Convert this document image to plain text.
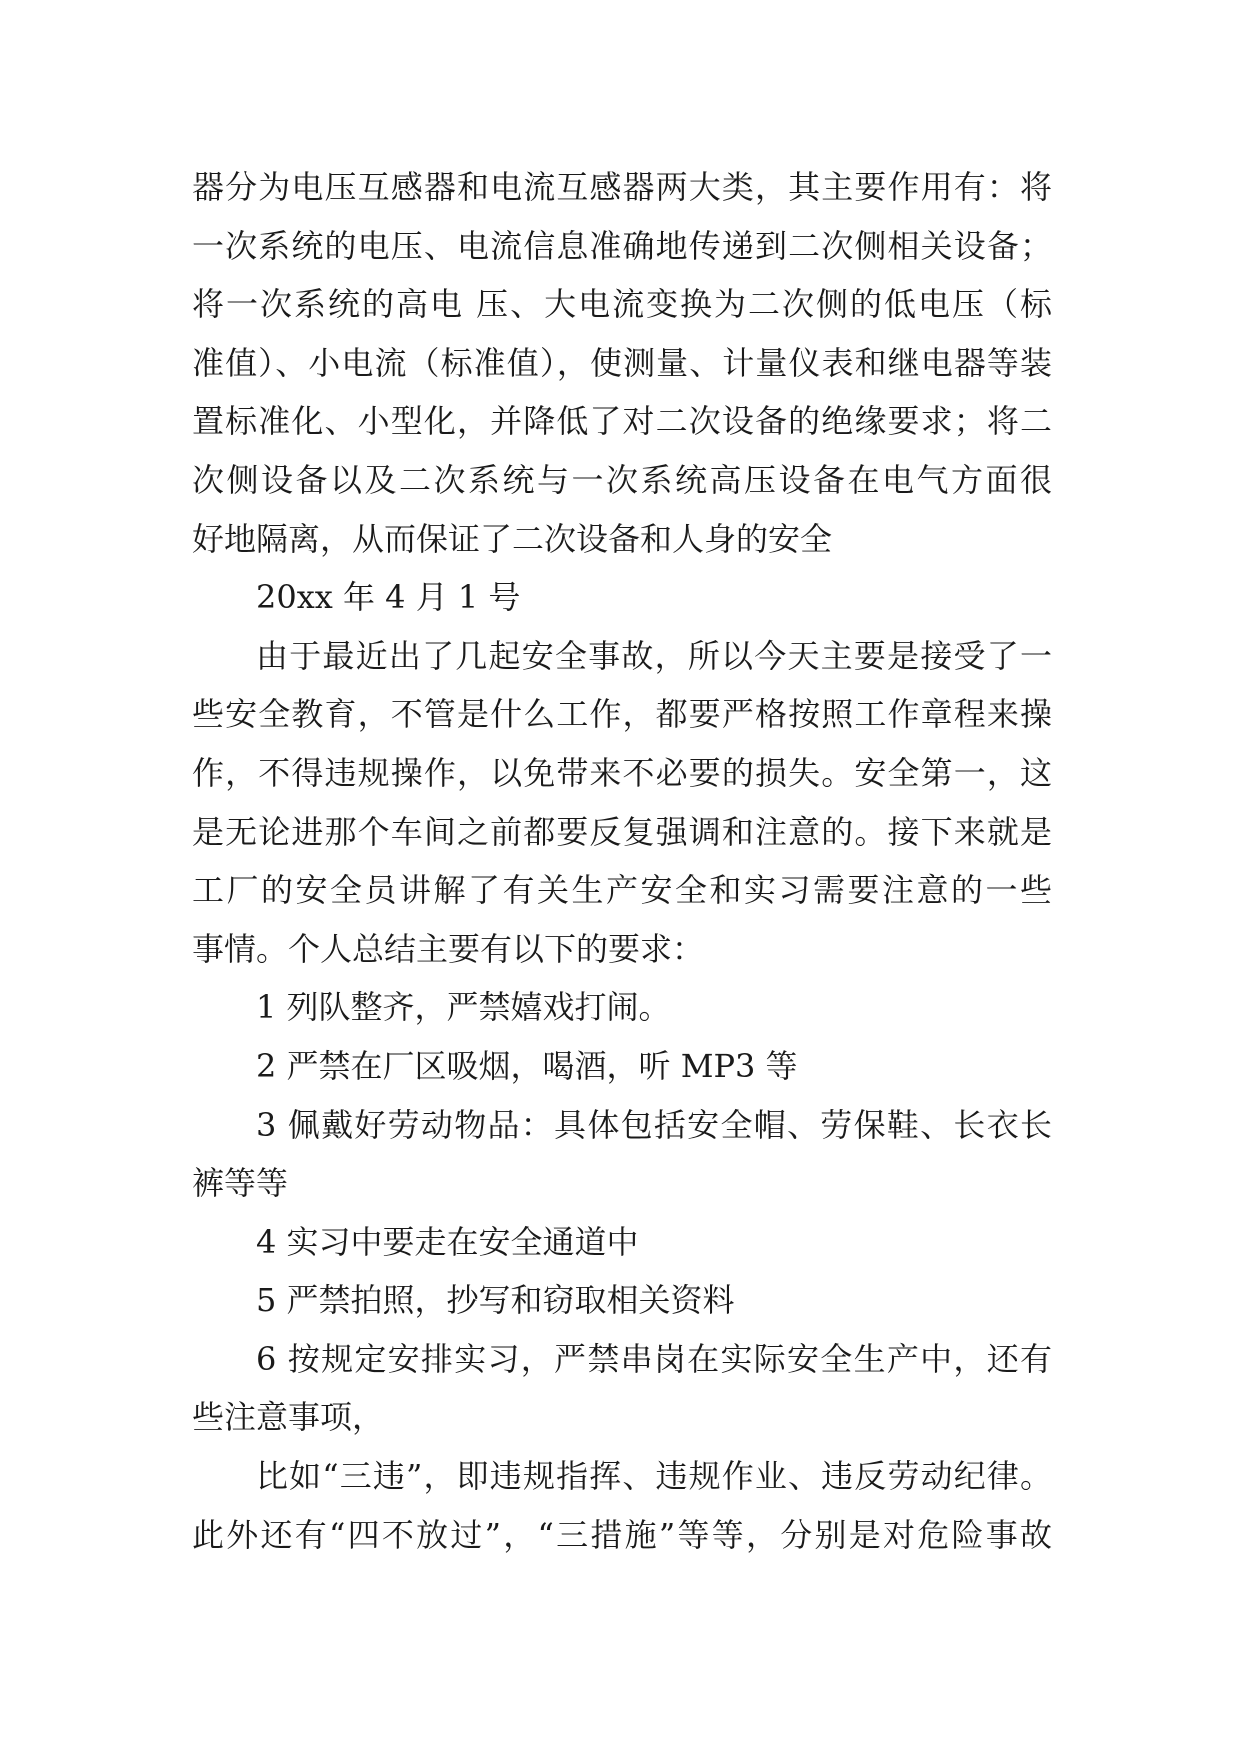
器分为电压互感器和电流互感器两大类，其主要作用有：将
一次系统的电压、电流信息准确地传递到二次侧相关设备；
将一次系统的高电 压、大电流变换为二次侧的低电压（标
准值）、小电流（标准值），使测量、计量仪表和继电器等装
置标准化、小型化，并降低了对二次设备的绝缘要求；将二
次侧设备以及二次系统与一次系统高压设备在电气方面很
好地隔离，从而保证了二次设备和人身的安全
20xx 年 4 月 1 号
由于最近出了几起安全事故，所以今天主要是接受了一
些安全教育，不管是什么工作，都要严格按照工作章程来操
作，不得违规操作，以免带来不必要的损失。安全第一，这
是无论进那个车间之前都要反复强调和注意的。接下来就是
工厂的安全员讲解了有关生产安全和实习需要注意的一些
事情。个人总结主要有以下的要求：
1 列队整齐，严禁嬉戏打闹。
2 严禁在厂区吸烟，喝酒，听 MP3 等
3 佩戴好劳动物品：具体包括安全帽、劳保鞋、长衣长
裤等等
4 实习中要走在安全通道中
5 严禁拍照，抄写和窃取相关资料
6 按规定安排实习，严禁串岗在实际安全生产中，还有
些注意事项，
比如“三违”，即违规指挥、违规作业、违反劳动纪律。
此外还有“四不放过”，“三措施”等等，分别是对危险事故
